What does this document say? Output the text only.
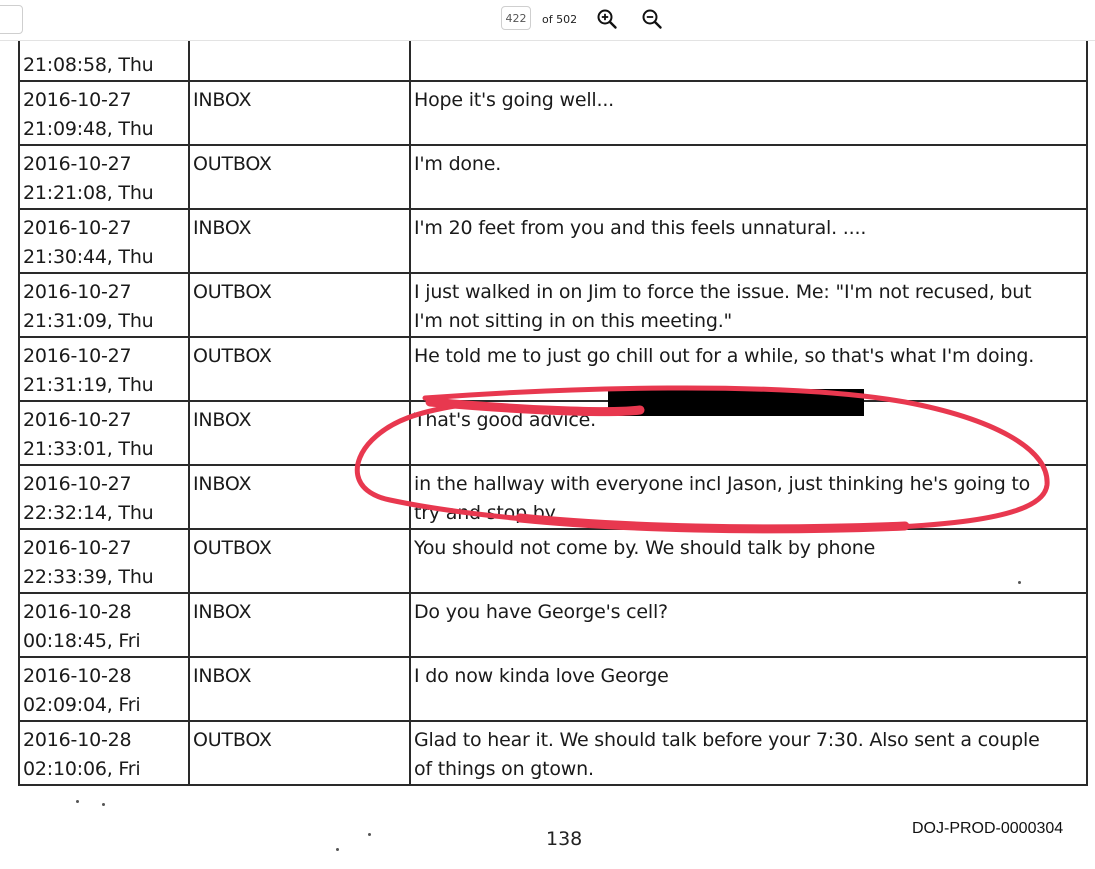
21:08:58, Thu		

2016-10-27
21:09:48, Thu	INBOX	Hope it's going well...

2016-10-27
21:21:08, Thu	OUTBOX	I'm done.

2016-10-27
21:30:44, Thu	INBOX	I'm 20 feet from you and this feels unnatural. ....

2016-10-27
21:31:09, Thu	OUTBOX	I just walked in on Jim to force the issue. Me: "I'm not recused, but
I'm not sitting in on this meeting."

2016-10-27
21:31:19, Thu	OUTBOX	He told me to just go chill out for a while, so that's what I'm doing.

2016-10-27
21:33:01, Thu	INBOX	That's good advice.

2016-10-27
22:32:14, Thu	INBOX	in the hallway with everyone incl Jason, just thinking he's going to
try and stop by

2016-10-27
22:33:39, Thu	OUTBOX	You should not come by. We should talk by phone

2016-10-28
00:18:45, Fri	INBOX	Do you have George's cell?

2016-10-28
02:09:04, Fri	INBOX	I do now kinda love George

2016-10-28
02:10:06, Fri	OUTBOX	Glad to hear it. We should talk before your 7:30. Also sent a couple
of things on gtown.
138	DOJ-PROD-0000304
422
of 502
